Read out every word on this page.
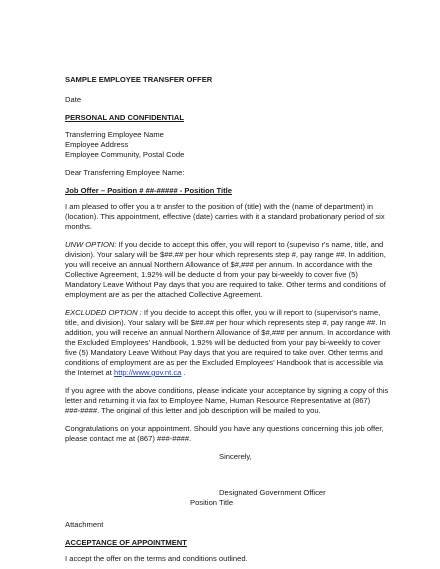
SAMPLE EMPLOYEE TRANSFER OFFER
Date
PERSONAL AND CONFIDENTIAL
Transferring Employee Name
Employee Address
Employee Community, Postal Code
Dear Transferring Employee Name:
Job Offer – Position # ##-##### - Position Title
I am pleased to offer you a tr ansfer to the position of (title) with the (name of department) in
(location). This appointment, effective (date) carries with it a standard probationary period of six
months.
UNW OPTION: If you decide to accept this offer, you will report to (supeviso r's name, title, and
division). Your salary will be $##.## per hour which represents step #, pay range ##. In addition,
you will receive an annual Northern Allowance of $#,### per annum. In accordance with the
Collective Agreement, 1.92% will be deducte d from your pay bi-weekly to cover five (5)
Mandatory Leave Without Pay days that you are required to take. Other terms and conditions of
employment are as per the attached Collective Agreement.
EXCLUDED OPTION : If you decide to accept this offer, you w ill report to (supervisor's name,
title, and division). Your salary will be $##.## per hour which represents step #, pay range ##. In
addition, you will receive an annual Northern Allowance of $#,### per annum. In accordance with
the Excluded Employees' Handbook, 1.92% will be deducted from your pay bi-weekly to cover
five (5) Mandatory Leave Without Pay days that you are required to take over. Other terms and
conditions of employment are as per the Excluded Employees' Handbook that is accessible via
the Internet at http://www.gov.nt.ca .
If you agree with the above conditions, please indicate your acceptance by signing a copy of this
letter and returning it via fax to Employee Name, Human Resource Representative at (867)
###-####. The original of this letter and job description will be mailed to you.
Congratulations on your appointment. Should you have any questions concerning this job offer,
please contact me at (867) ###-####.
Sincerely,
Designated Government Officer
Position Title
Attachment
ACCEPTANCE OF APPOINTMENT
I accept the offer on the terms and conditions outlined.
